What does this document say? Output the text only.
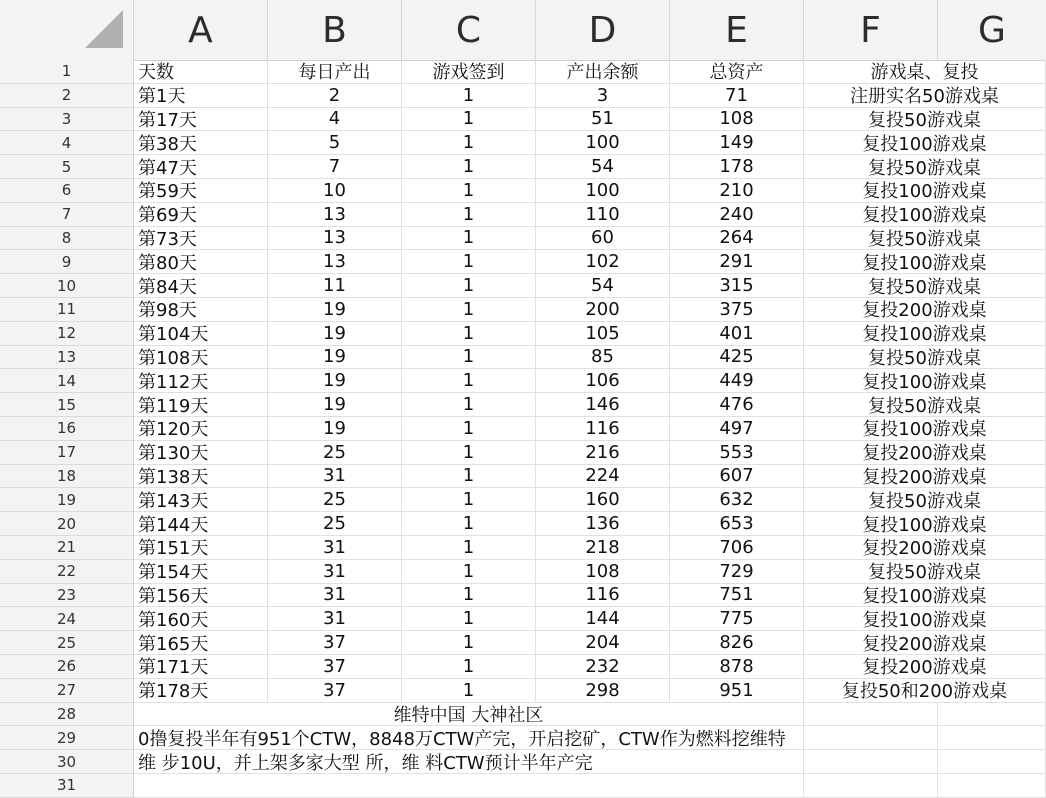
A	B	C	D	E	F	G
1	天数	每日产出	游戏签到	产出余额	总资产	游戏桌、复投
2	第1天	2	1	3	71	注册实名50游戏桌
3	第17天	4	1	51	108	复投50游戏桌
4	第38天	5	1	100	149	复投100游戏桌
5	第47天	7	1	54	178	复投50游戏桌
6	第59天	10	1	100	210	复投100游戏桌
7	第69天	13	1	110	240	复投100游戏桌
8	第73天	13	1	60	264	复投50游戏桌
9	第80天	13	1	102	291	复投100游戏桌
10	第84天	11	1	54	315	复投50游戏桌
11	第98天	19	1	200	375	复投200游戏桌
12	第104天	19	1	105	401	复投100游戏桌
13	第108天	19	1	85	425	复投50游戏桌
14	第112天	19	1	106	449	复投100游戏桌
15	第119天	19	1	146	476	复投50游戏桌
16	第120天	19	1	116	497	复投100游戏桌
17	第130天	25	1	216	553	复投200游戏桌
18	第138天	31	1	224	607	复投200游戏桌
19	第143天	25	1	160	632	复投50游戏桌
20	第144天	25	1	136	653	复投100游戏桌
21	第151天	31	1	218	706	复投200游戏桌
22	第154天	31	1	108	729	复投50游戏桌
23	第156天	31	1	116	751	复投100游戏桌
24	第160天	31	1	144	775	复投100游戏桌
25	第165天	37	1	204	826	复投200游戏桌
26	第171天	37	1	232	878	复投200游戏桌
27	第178天	37	1	298	951	复投50和200游戏桌
28	维特中国 大神社区
29	0撸复投半年有951个CTW，8848万CTW产完，开启挖矿，CTW作为燃料挖维特
30	维 步10U，并上架多家大型 所，维 料CTW预计半年产完
31
